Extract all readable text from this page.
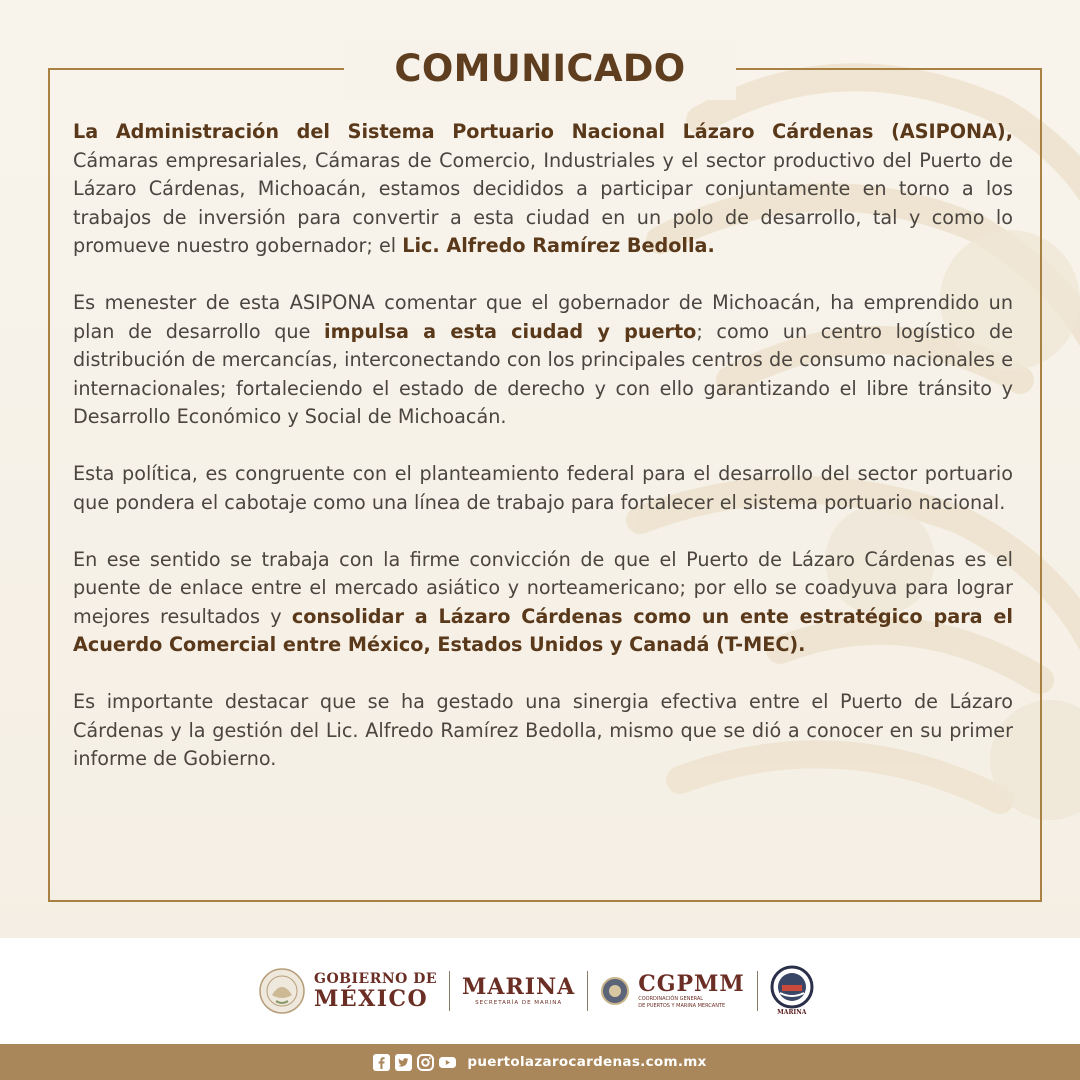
COMUNICADO

La Administración del Sistema Portuario Nacional Lázaro Cárdenas (ASIPONA), Cámaras empresariales, Cámaras de Comercio, Industriales y el sector productivo del Puerto de Lázaro Cárdenas, Michoacán, estamos decididos a participar conjuntamente en torno a los trabajos de inversión para convertir a esta ciudad en un polo de desarrollo, tal y como lo promueve nuestro gobernador; el Lic. Alfredo Ramírez Bedolla.

Es menester de esta ASIPONA comentar que el gobernador de Michoacán, ha emprendido un plan de desarrollo que impulsa a esta ciudad y puerto; como un centro logístico de distribución de mercancías, interconectando con los principales centros de consumo nacionales e internacionales; fortaleciendo el estado de derecho y con ello garantizando el libre tránsito y Desarrollo Económico y Social de Michoacán.

Esta política, es congruente con el planteamiento federal para el desarrollo del sector portuario que pondera el cabotaje como una línea de trabajo para fortalecer el sistema portuario nacional.

En ese sentido se trabaja con la firme convicción de que el Puerto de Lázaro Cárdenas es el puente de enlace entre el mercado asiático y norteamericano; por ello se coadyuva para lograr mejores resultados y consolidar a Lázaro Cárdenas como un ente estratégico para el Acuerdo Comercial entre México, Estados Unidos y Canadá (T-MEC).

Es importante destacar que se ha gestado una sinergia efectiva entre el Puerto de Lázaro Cárdenas y la gestión del Lic. Alfredo Ramírez Bedolla, mismo que se dió a conocer en su primer informe de Gobierno.

GOBIERNO DE
MÉXICO	MARINA
SECRETARÍA DE MARINA
CGPMM
COORDINACIÓN GENERAL
DE PUERTOS Y MARINA MERCANTE
MARINA
puertolazarocardenas.com.mx
